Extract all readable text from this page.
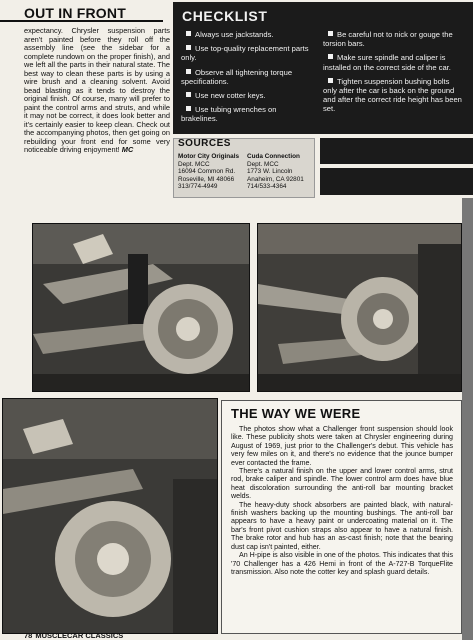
OUT IN FRONT

expectancy. Chrysler suspension parts aren't painted before they roll off the assembly line (see the sidebar for a complete rundown on the proper finish), and we left all the parts in their natural state. The best way to clean these parts is by using a wire brush and a cleaning solvent. Avoid bead blasting as it tends to destroy the original finish. Of course, many will prefer to paint the control arms and struts, and while it may not be correct, it does look better and it's certainly easier to keep clean. Check out the accompanying photos, then get going on rebuilding your front end for some very noticeable driving enjoyment! MC

CHECKLIST
Always use jackstands.
Use top-quality replacement parts only.
Observe all tightening torque specifications.
Use new cotter keys.
Use tubing wrenches on brakelines.
Be careful not to nick or gouge the torsion bars.
Make sure spindle and caliper is installed on the correct side of the car.
Tighten suspension bushing bolts only after the car is back on the ground and after the correct ride height has been set.
SOURCES
Motor City Originals
Dept. MCC
16094 Common Rd.
Roseville, MI 48066
313/774-4949
Cuda Connection
Dept. MCC
1773 W. Lincoln
Anaheim, CA 92801
714/533-4364
THE WAY WE WERE

The photos show what a Challenger front suspension should look like. These publicity shots were taken at Chrysler engineering during August of 1969, just prior to the Challenger's debut. This vehicle has very few miles on it, and there's no evidence that the jounce bumper ever contacted the frame.

There's a natural finish on the upper and lower control arms, strut rod, brake caliper and spindle. The lower control arm does have blue heat discoloration surrounding the anti-roll bar mounting bracket welds.

The heavy-duty shock absorbers are painted black, with natural-finish washers backing up the mounting bushings. The anti-roll bar appears to have a heavy paint or undercoating material on it. The bar's front pivot cushion straps also appear to have a natural finish. The brake rotor and hub has an as-cast finish; note that the bearing dust cap isn't painted, either.

An H-pipe is also visible in one of the photos. This indicates that this '70 Challenger has a 426 Hemi in front of the A-727-B TorqueFlite transmission. Also note the cotter key and splash guard details.

78 MUSCLECAR CLASSICS
